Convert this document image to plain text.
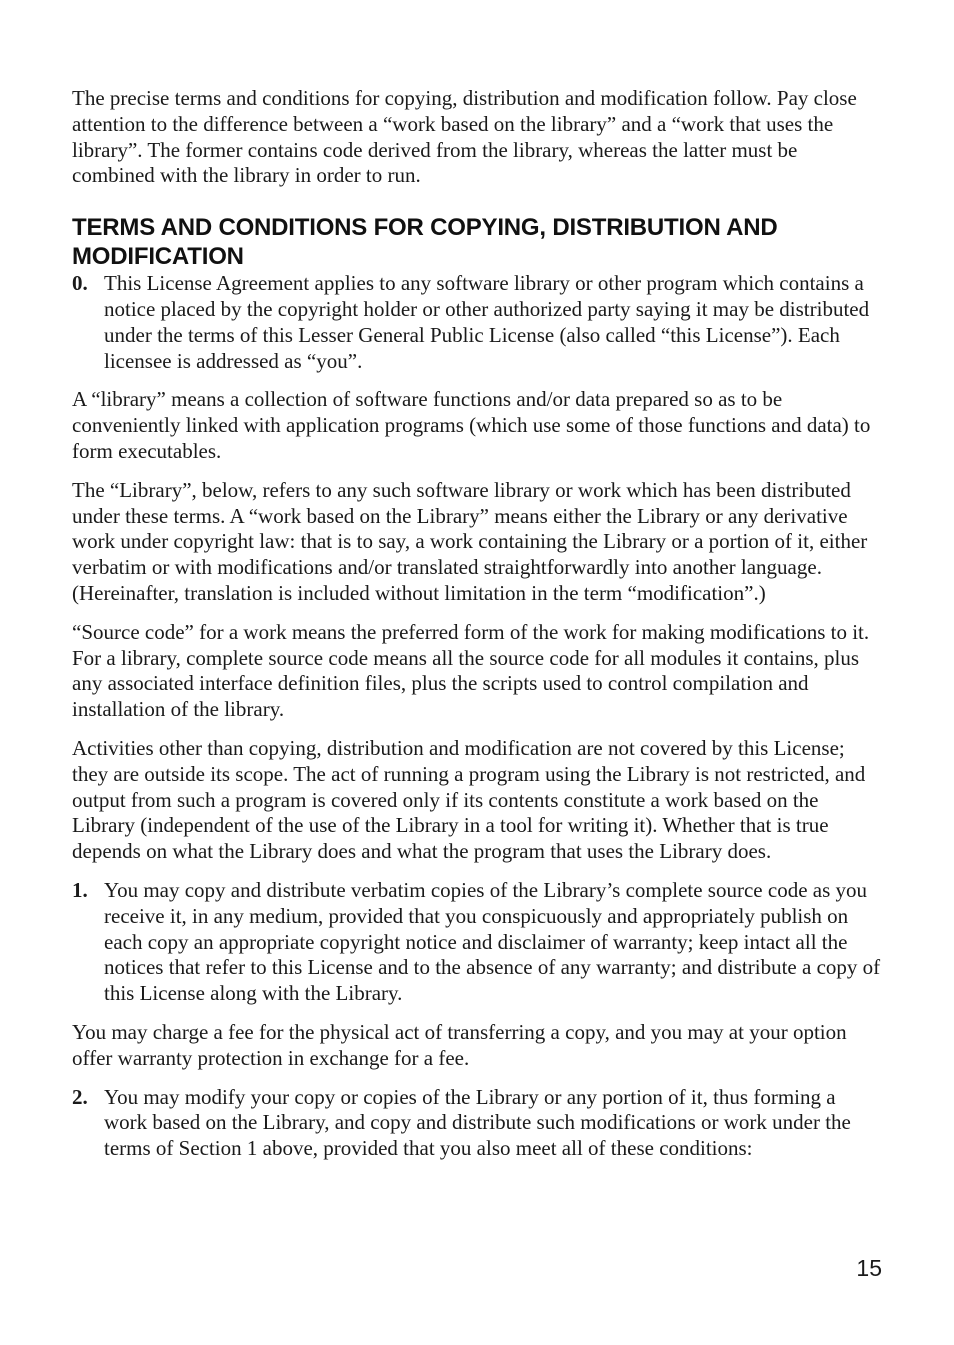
The precise terms and conditions for copying, distribution and modification follow. Pay close attention to the difference between a “work based on the library” and a “work that uses the library”. The former contains code derived from the library, whereas the latter must be combined with the library in order to run.

TERMS AND CONDITIONS FOR COPYING, DISTRIBUTION AND MODIFICATION
0. This License Agreement applies to any software library or other program which contains a notice placed by the copyright holder or other authorized party saying it may be distributed under the terms of this Lesser General Public License (also called “this License”). Each licensee is addressed as “you”.

A “library” means a collection of software functions and/or data prepared so as to be conveniently linked with application programs (which use some of those functions and data) to form executables.

The “Library”, below, refers to any such software library or work which has been distributed under these terms. A “work based on the Library” means either the Library or any derivative work under copyright law: that is to say, a work containing the Library or a portion of it, either verbatim or with modifications and/or translated straightforwardly into another language. (Hereinafter, translation is included without limitation in the term “modification”.)

“Source code” for a work means the preferred form of the work for making modifications to it. For a library, complete source code means all the source code for all modules it contains, plus any associated interface definition files, plus the scripts used to control compilation and installation of the library.

Activities other than copying, distribution and modification are not covered by this License; they are outside its scope. The act of running a program using the Library is not restricted, and output from such a program is covered only if its contents constitute a work based on the Library (independent of the use of the Library in a tool for writing it). Whether that is true depends on what the Library does and what the program that uses the Library does.

1. You may copy and distribute verbatim copies of the Library’s complete source code as you receive it, in any medium, provided that you conspicuously and appropriately publish on each copy an appropriate copyright notice and disclaimer of warranty; keep intact all the notices that refer to this License and to the absence of any warranty; and distribute a copy of this License along with the Library.

You may charge a fee for the physical act of transferring a copy, and you may at your option offer warranty protection in exchange for a fee.

2. You may modify your copy or copies of the Library or any portion of it, thus forming a work based on the Library, and copy and distribute such modifications or work under the terms of Section 1 above, provided that you also meet all of these conditions:
15
